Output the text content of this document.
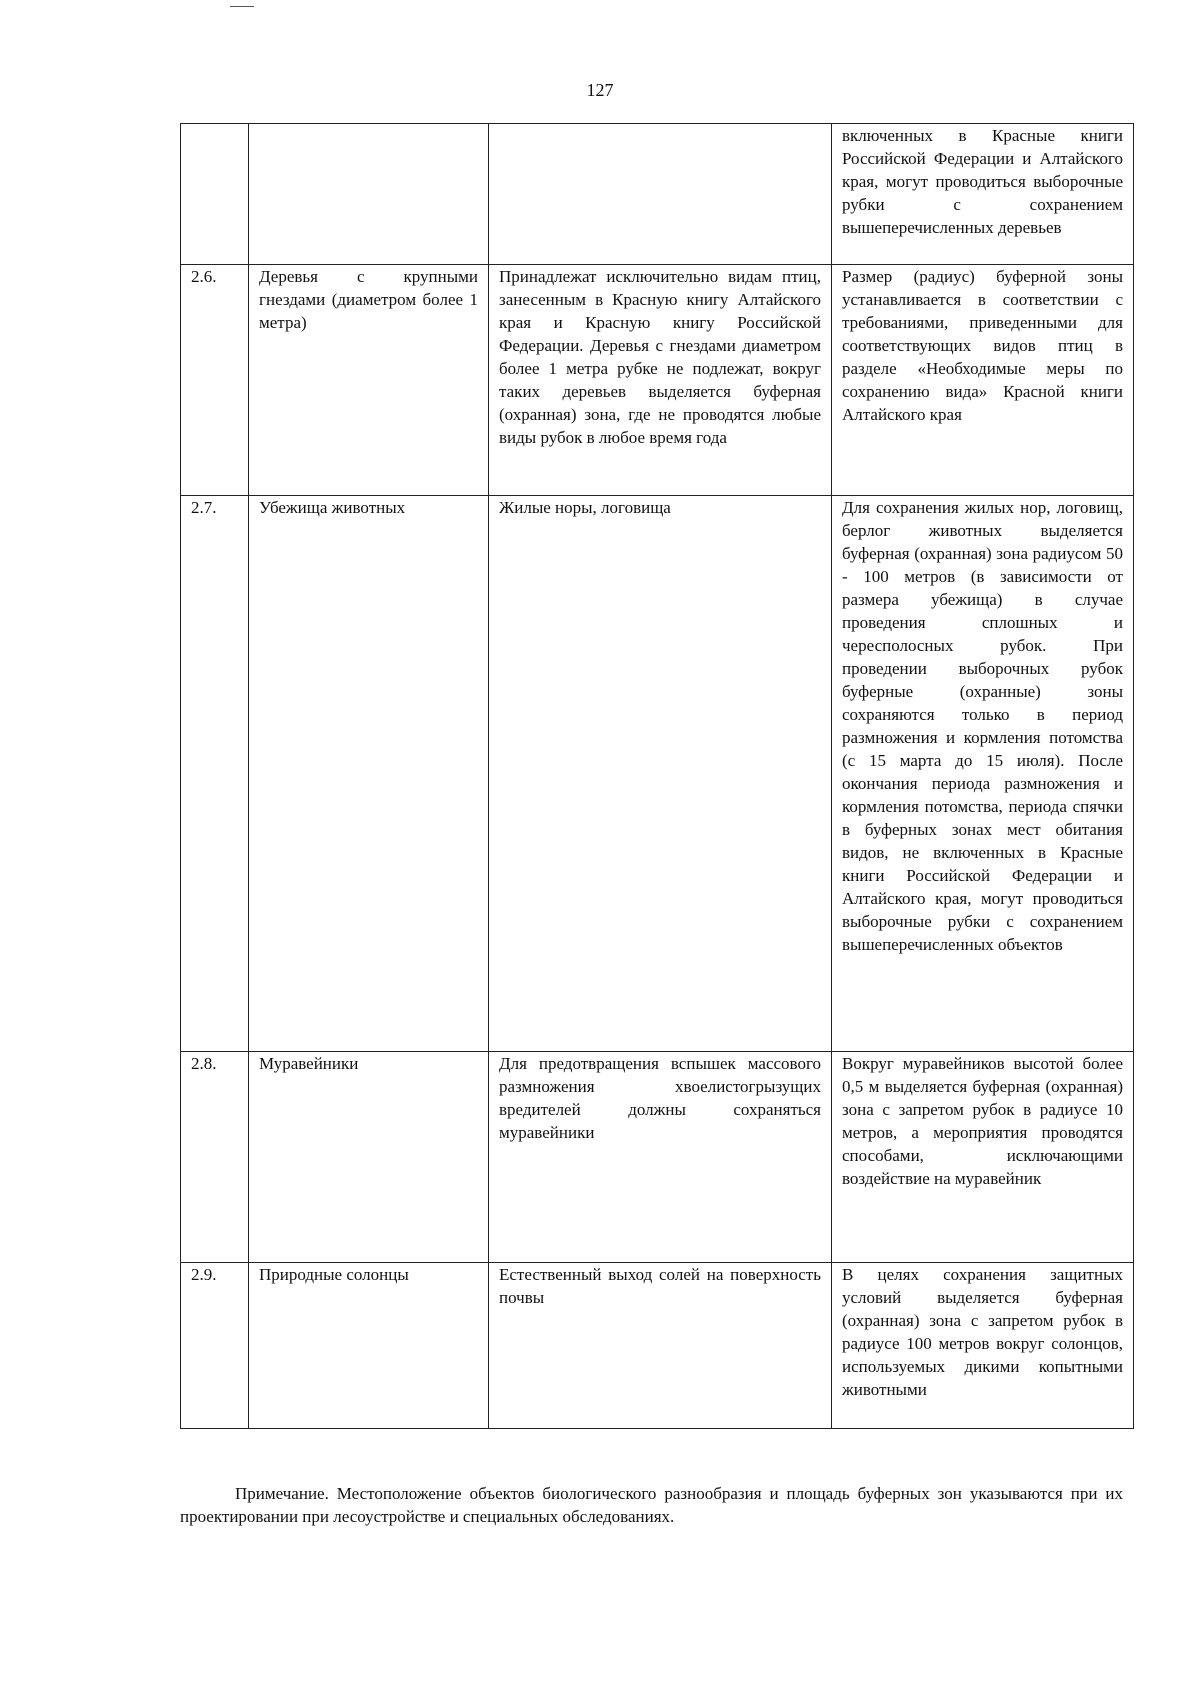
127
			включенных в Красные книги Российской Федерации и Алтайского края, могут проводиться выборочные рубки с сохранением вышеперечисленных деревьев
2.6.	Деревья с крупными гнездами (диаметром более 1 метра)	Принадлежат исключительно видам птиц, занесенным в Красную книгу Алтайского края и Красную книгу Российской Федерации. Деревья с гнездами диаметром более 1 метра рубке не подлежат, вокруг таких деревьев выделяется буферная (охранная) зона, где не проводятся любые виды рубок в любое время года	Размер (радиус) буферной зоны устанавливается в соответствии с требованиями, приведенными для соответствующих видов птиц в разделе «Необходимые меры по сохранению вида» Красной книги Алтайского края
2.7.	Убежища животных	Жилые норы, логовища	Для сохранения жилых нор, логовищ, берлог животных выделяется буферная (охранная) зона радиусом 50 - 100 метров (в зависимости от размера убежища) в случае проведения сплошных и чересполосных рубок. При проведении выборочных рубок буферные (охранные) зоны сохраняются только в период размножения и кормления потомства (с 15 марта до 15 июля). После окончания периода размножения и кормления потомства, периода спячки в буферных зонах мест обитания видов, не включенных в Красные книги Российской Федерации и Алтайского края, могут проводиться выборочные рубки с сохранением вышеперечисленных объектов
2.8.	Муравейники	Для предотвращения вспышек массового размножения хвоелистогрызущих вредителей должны сохраняться муравейники	Вокруг муравейников высотой более 0,5 м выделяется буферная (охранная) зона с запретом рубок в радиусе 10 метров, а мероприятия проводятся способами, исключающими воздействие на муравейник
2.9.	Природные солонцы	Естественный выход солей на поверхность почвы	В целях сохранения защитных условий выделяется буферная (охранная) зона с запретом рубок в радиусе 100 метров вокруг солонцов, используемых дикими копытными животными

Примечание. Местоположение объектов биологического разнообразия и площадь буферных зон указываются при их проектировании при лесоустройстве и специальных обследованиях.
